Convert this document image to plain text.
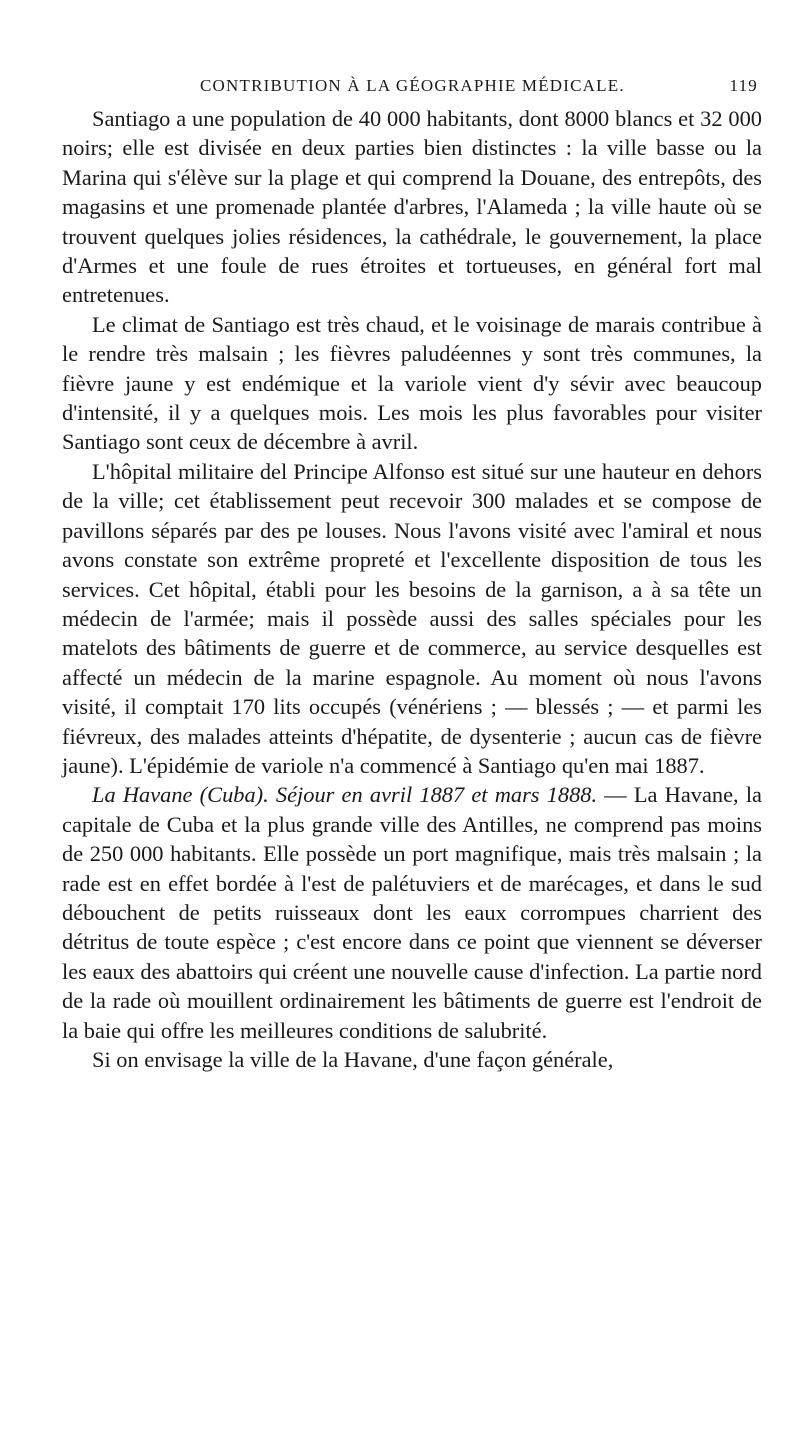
CONTRIBUTION À LA GÉOGRAPHIE MÉDICALE.	119

Santiago a une population de 40 000 habitants, dont 8000 blancs et 32 000 noirs; elle est divisée en deux parties bien distinctes : la ville basse ou la Marina qui s'élève sur la plage et qui comprend la Douane, des entrepôts, des magasins et une promenade plantée d'arbres, l'Alameda ; la ville haute où se trouvent quelques jolies résidences, la cathédrale, le gouvernement, la place d'Armes et une foule de rues étroites et tortueuses, en général fort mal entretenues.

Le climat de Santiago est très chaud, et le voisinage de marais contribue à le rendre très malsain ; les fièvres paludéennes y sont très communes, la fièvre jaune y est endémique et la variole vient d'y sévir avec beaucoup d'intensité, il y a quelques mois. Les mois les plus favorables pour visiter Santiago sont ceux de décembre à avril.

L'hôpital militaire del Principe Alfonso est situé sur une hauteur en dehors de la ville; cet établissement peut recevoir 300 malades et se compose de pavillons séparés par des pe louses. Nous l'avons visité avec l'amiral et nous avons constate son extrême propreté et l'excellente disposition de tous les services. Cet hôpital, établi pour les besoins de la garnison, a à sa tête un médecin de l'armée; mais il possède aussi des salles spéciales pour les matelots des bâtiments de guerre et de commerce, au service desquelles est affecté un médecin de la marine espagnole. Au moment où nous l'avons visité, il comptait 170 lits occupés (vénériens ; — blessés ; — et parmi les fiévreux, des malades atteints d'hépatite, de dysenterie ; aucun cas de fièvre jaune). L'épidémie de variole n'a commencé à Santiago qu'en mai 1887.

La Havane (Cuba). Séjour en avril 1887 et mars 1888. — La Havane, la capitale de Cuba et la plus grande ville des Antilles, ne comprend pas moins de 250 000 habitants. Elle possède un port magnifique, mais très malsain ; la rade est en effet bordée à l'est de palétuviers et de marécages, et dans le sud débouchent de petits ruisseaux dont les eaux corrompues charrient des détritus de toute espèce ; c'est encore dans ce point que viennent se déverser les eaux des abattoirs qui créent une nouvelle cause d'infection. La partie nord de la rade où mouillent ordinairement les bâtiments de guerre est l'endroit de la baie qui offre les meilleures conditions de salubrité.

Si on envisage la ville de la Havane, d'une façon générale,
